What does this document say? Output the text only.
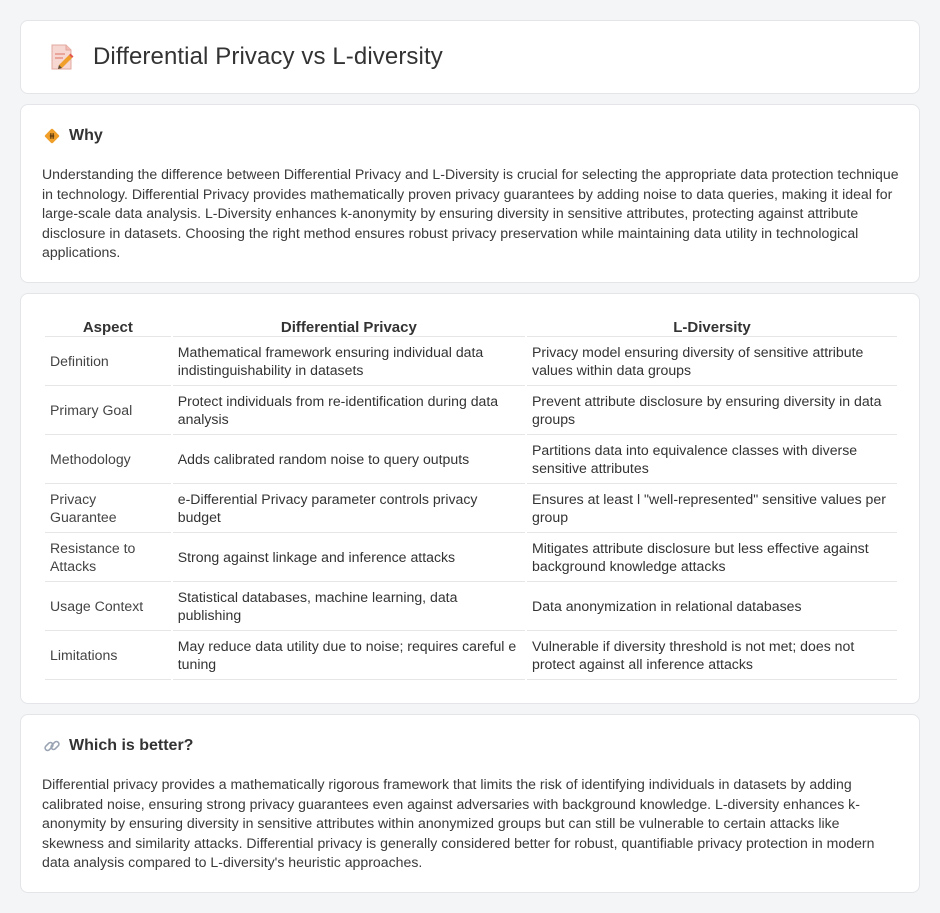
Differential Privacy vs L-diversity
Why

Understanding the difference between Differential Privacy and L-Diversity is crucial for selecting the appropriate data protection technique in technology. Differential Privacy provides mathematically proven privacy guarantees by adding noise to data queries, making it ideal for large-scale data analysis. L-Diversity enhances k-anonymity by ensuring diversity in sensitive attributes, protecting against attribute disclosure in datasets. Choosing the right method ensures robust privacy preservation while maintaining data utility in technological applications.

Aspect	Differential Privacy	L-Diversity
Definition	Mathematical framework ensuring individual data indistinguishability in datasets	Privacy model ensuring diversity of sensitive attribute values within data groups
Primary Goal	Protect individuals from re-identification during data analysis	Prevent attribute disclosure by ensuring diversity in data groups
Methodology	Adds calibrated random noise to query outputs	Partitions data into equivalence classes with diverse sensitive attributes
Privacy Guarantee	e-Differential Privacy parameter controls privacy budget	Ensures at least l "well-represented" sensitive values per group
Resistance to Attacks	Strong against linkage and inference attacks	Mitigates attribute disclosure but less effective against background knowledge attacks
Usage Context	Statistical databases, machine learning, data publishing	Data anonymization in relational databases
Limitations	May reduce data utility due to noise; requires careful e tuning	Vulnerable if diversity threshold is not met; does not protect against all inference attacks
Which is better?

Differential privacy provides a mathematically rigorous framework that limits the risk of identifying individuals in datasets by adding calibrated noise, ensuring strong privacy guarantees even against adversaries with background knowledge. L-diversity enhances k-anonymity by ensuring diversity in sensitive attributes within anonymized groups but can still be vulnerable to certain attacks like skewness and similarity attacks. Differential privacy is generally considered better for robust, quantifiable privacy protection in modern data analysis compared to L-diversity's heuristic approaches.
